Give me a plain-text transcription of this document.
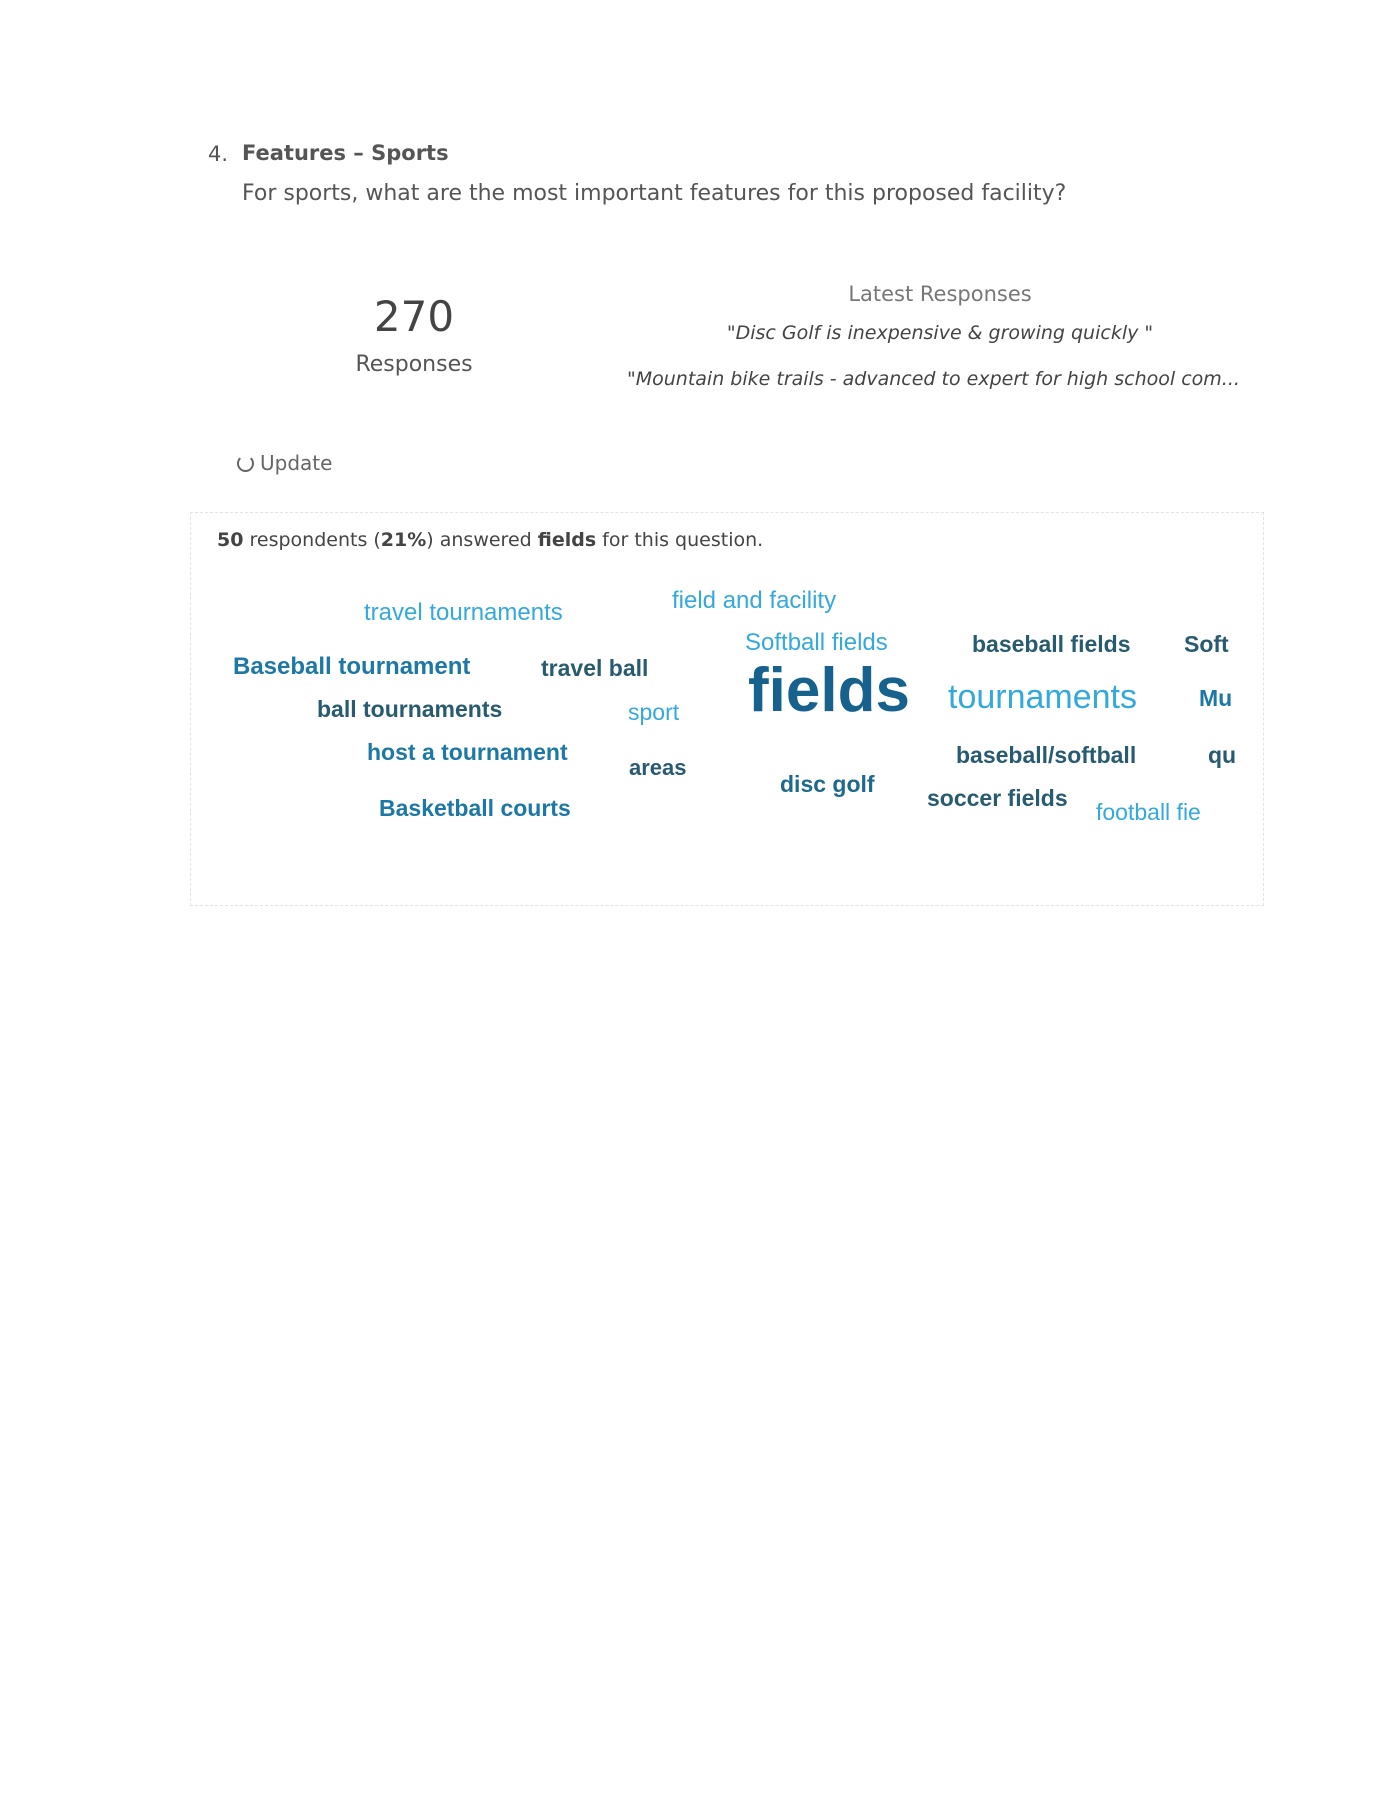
4. Features – Sports
For sports, what are the most important features for this proposed facility?
270
Responses
Latest Responses
"Disc Golf is inexpensive & growing quickly "
"Mountain bike trails - advanced to expert for high school com...
Update
50 respondents (21%) answered fields for this question.
travel tournaments	field and facility
Softball fields	baseball fields Soft
Baseball tournament	travel ball fields tournaments	Mu
ball tournaments	sport
host a tournament
areas	baseball/softball	qu
disc golf
soccer fields
football fie
Basketball courts
